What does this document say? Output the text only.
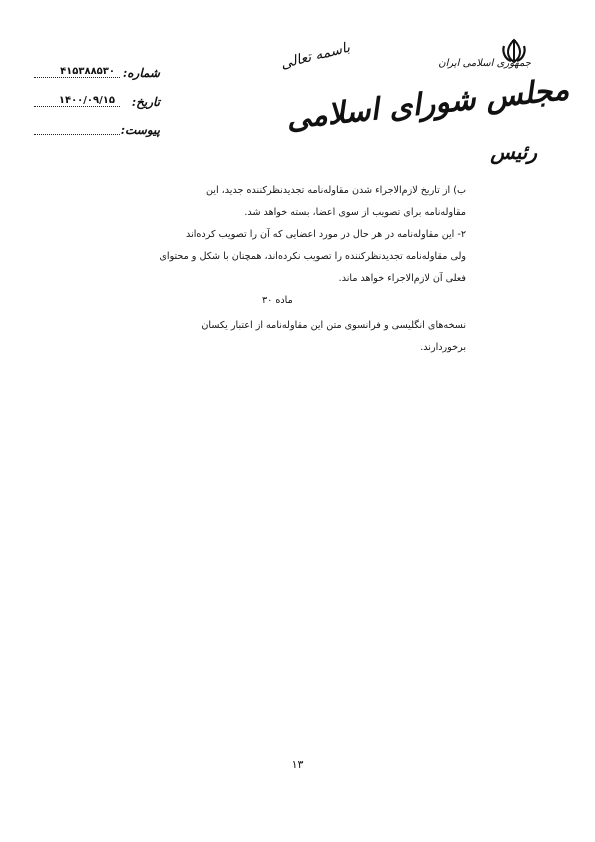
جمهوری اسلامی ایران
مجلس شورای اسلامی
رئیس
باسمه تعالی
شماره:
۴۱۵۳۸۸۵۳۰
تاریخ:
۱۴۰۰/۰۹/۱۵
پیوست:
ب) از تاریخ لازم‌الاجراء شدن مقاوله‌نامه تجدیدنظرکننده جدید، این
مقاوله‌نامه برای تصویب از سوی اعضا، بسته خواهد شد.
۲- این مقاوله‌نامه در هر حال در مورد اعضایی که آن را تصویب کرده‌اند
ولی مقاوله‌نامه تجدیدنظرکننده را تصویب نکرده‌اند، همچنان با شکل و محتوای
فعلی آن لازم‌الاجراء خواهد ماند.
ماده ۳۰
نسخه‌های انگلیسی و فرانسوی متن این مقاوله‌نامه از اعتبار یکسان
برخوردارند.
۱۳
